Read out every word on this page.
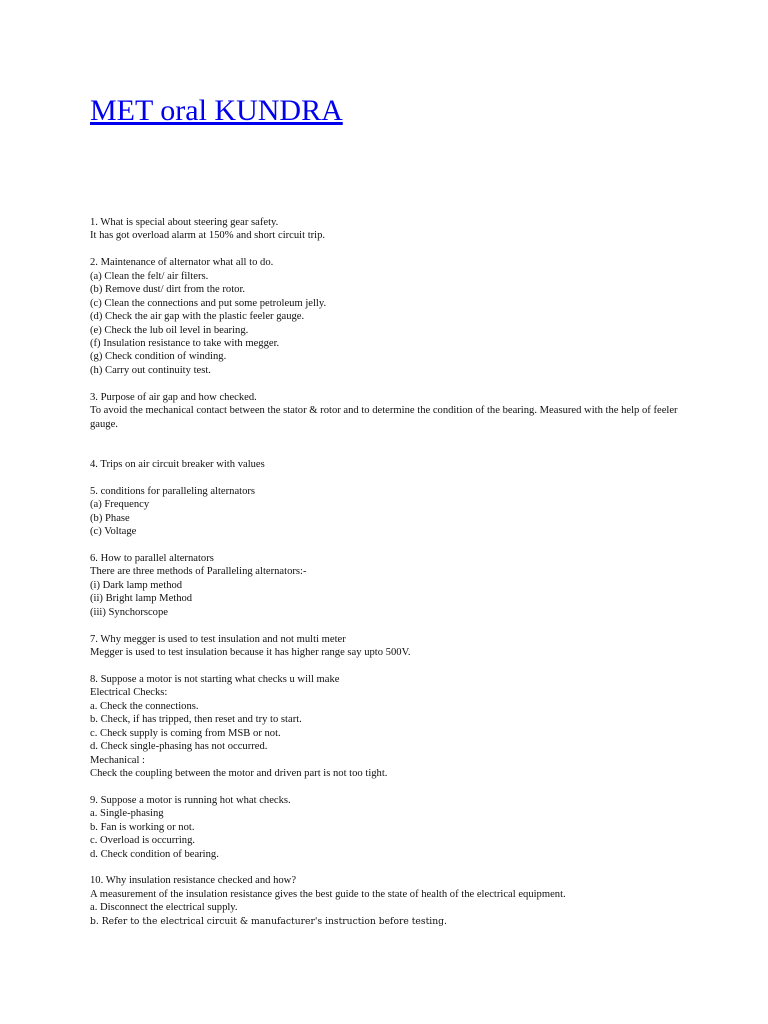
MET oral KUNDRA
1. What is special about steering gear safety.
It has got overload alarm at 150% and short circuit trip.
2. Maintenance of alternator what all to do.
(a) Clean the felt/ air filters.
(b) Remove dust/ dirt from the rotor.
(c) Clean the connections and put some petroleum jelly.
(d) Check the air gap with the plastic feeler gauge.
(e) Check the lub oil level in bearing.
(f) Insulation resistance to take with megger.
(g) Check condition of winding.
(h) Carry out continuity test.
3. Purpose of air gap and how checked.
To avoid the mechanical contact between the stator & rotor and to determine the condition of the bearing. Measured with the help of feeler gauge.
4. Trips on air circuit breaker with values
5. conditions for paralleling alternators
(a) Frequency
(b) Phase
(c) Voltage
6. How to parallel alternators
There are three methods of Paralleling alternators:-
(i) Dark lamp method
(ii) Bright lamp Method
(iii) Synchorscope
7. Why megger is used to test insulation and not multi meter
Megger is used to test insulation because it has higher range say upto 500V.
8. Suppose a motor is not starting what checks u will make
Electrical Checks:
a. Check the connections.
b. Check, if has tripped, then reset and try to start.
c. Check supply is coming from MSB or not.
d. Check single-phasing has not occurred.
Mechanical :
Check the coupling between the motor and driven part is not too tight.
9. Suppose a motor is running hot what checks.
a. Single-phasing
b. Fan is working or not.
c. Overload is occurring.
d. Check condition of bearing.
10. Why insulation resistance checked and how?
A measurement of the insulation resistance gives the best guide to the state of health of the electrical equipment.
a. Disconnect the electrical supply.
b. Refer to the electrical circuit & manufacturer's instruction before testing.
